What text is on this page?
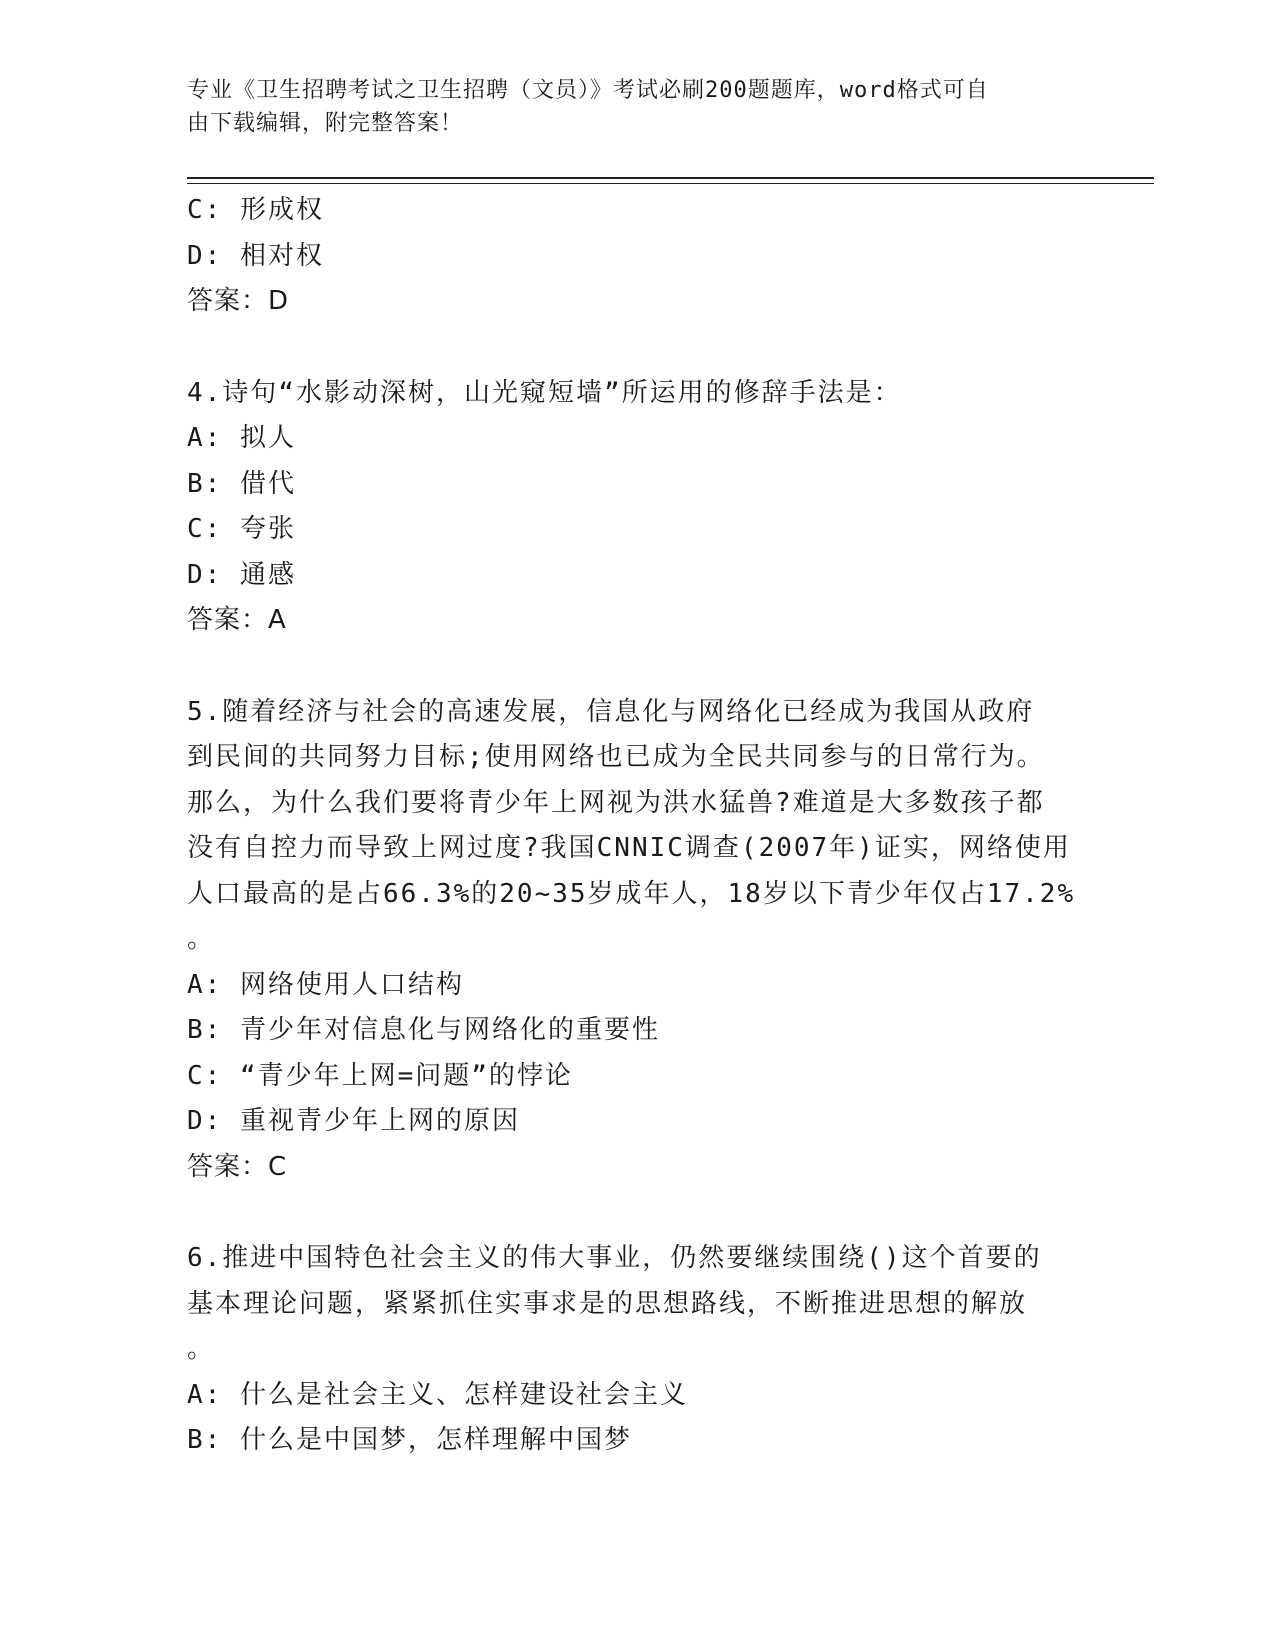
专业《卫生招聘考试之卫生招聘（文员）》考试必刷200题题库，word格式可自
由下载编辑，附完整答案！
C: 形成权
D: 相对权
答案：D
4.诗句“水影动深树，山光窥短墙”所运用的修辞手法是：
A: 拟人
B: 借代
C: 夸张
D: 通感
答案：A
5.随着经济与社会的高速发展，信息化与网络化已经成为我国从政府
到民间的共同努力目标;使用网络也已成为全民共同参与的日常行为。
那么，为什么我们要将青少年上网视为洪水猛兽?难道是大多数孩子都
没有自控力而导致上网过度?我国CNNIC调查(2007年)证实，网络使用
人口最高的是占66.3%的20~35岁成年人，18岁以下青少年仅占17.2%
。
A: 网络使用人口结构
B: 青少年对信息化与网络化的重要性
C: “青少年上网=问题”的悖论
D: 重视青少年上网的原因
答案：C
6.推进中国特色社会主义的伟大事业，仍然要继续围绕()这个首要的
基本理论问题，紧紧抓住实事求是的思想路线，不断推进思想的解放
。
A: 什么是社会主义、怎样建设社会主义
B: 什么是中国梦，怎样理解中国梦
